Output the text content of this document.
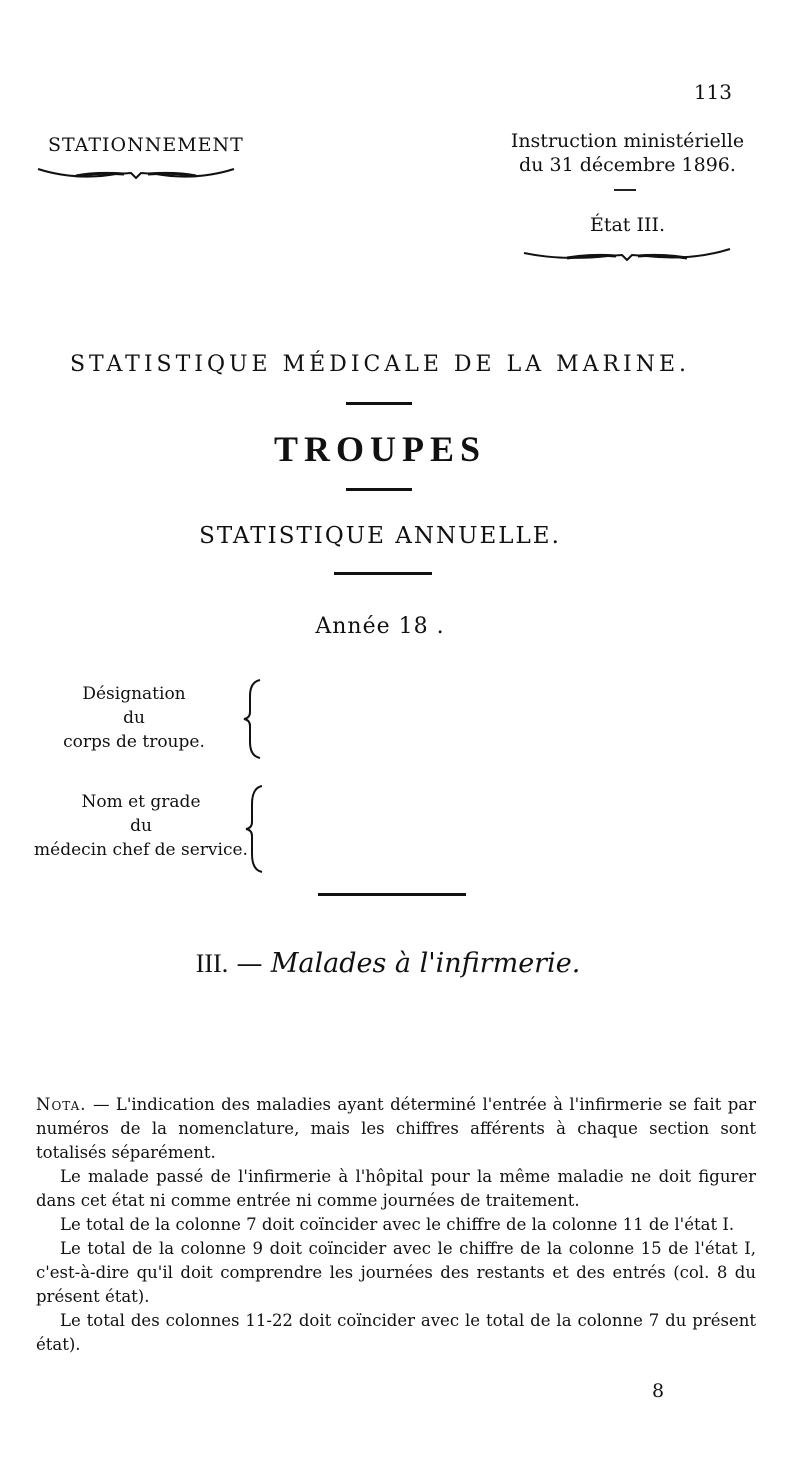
113
STATIONNEMENT	Instruction ministérielle
du 31 décembre 1896.
État III.
STATISTIQUE MÉDICALE DE LA MARINE.
TROUPES
STATISTIQUE ANNUELLE.
Année 18 .
Désignation
du
corps de troupe.
Nom et grade
du
médecin chef de service.
III. — Malades à l'infirmerie.

Nota. — L'indication des maladies ayant déterminé l'entrée à l'infirmerie se fait par numéros de la nomenclature, mais les chiffres afférents à chaque section sont totalisés séparément.

Le malade passé de l'infirmerie à l'hôpital pour la même maladie ne doit figurer dans cet état ni comme entrée ni comme journées de traitement.

Le total de la colonne 7 doit coïncider avec le chiffre de la colonne 11 de l'état I.

Le total de la colonne 9 doit coïncider avec le chiffre de la colonne 15 de l'état I, c'est-à-dire qu'il doit comprendre les journées des restants et des entrés (col. 8 du présent état).

Le total des colonnes 11-22 doit coïncider avec le total de la colonne 7 du présent état).

8
